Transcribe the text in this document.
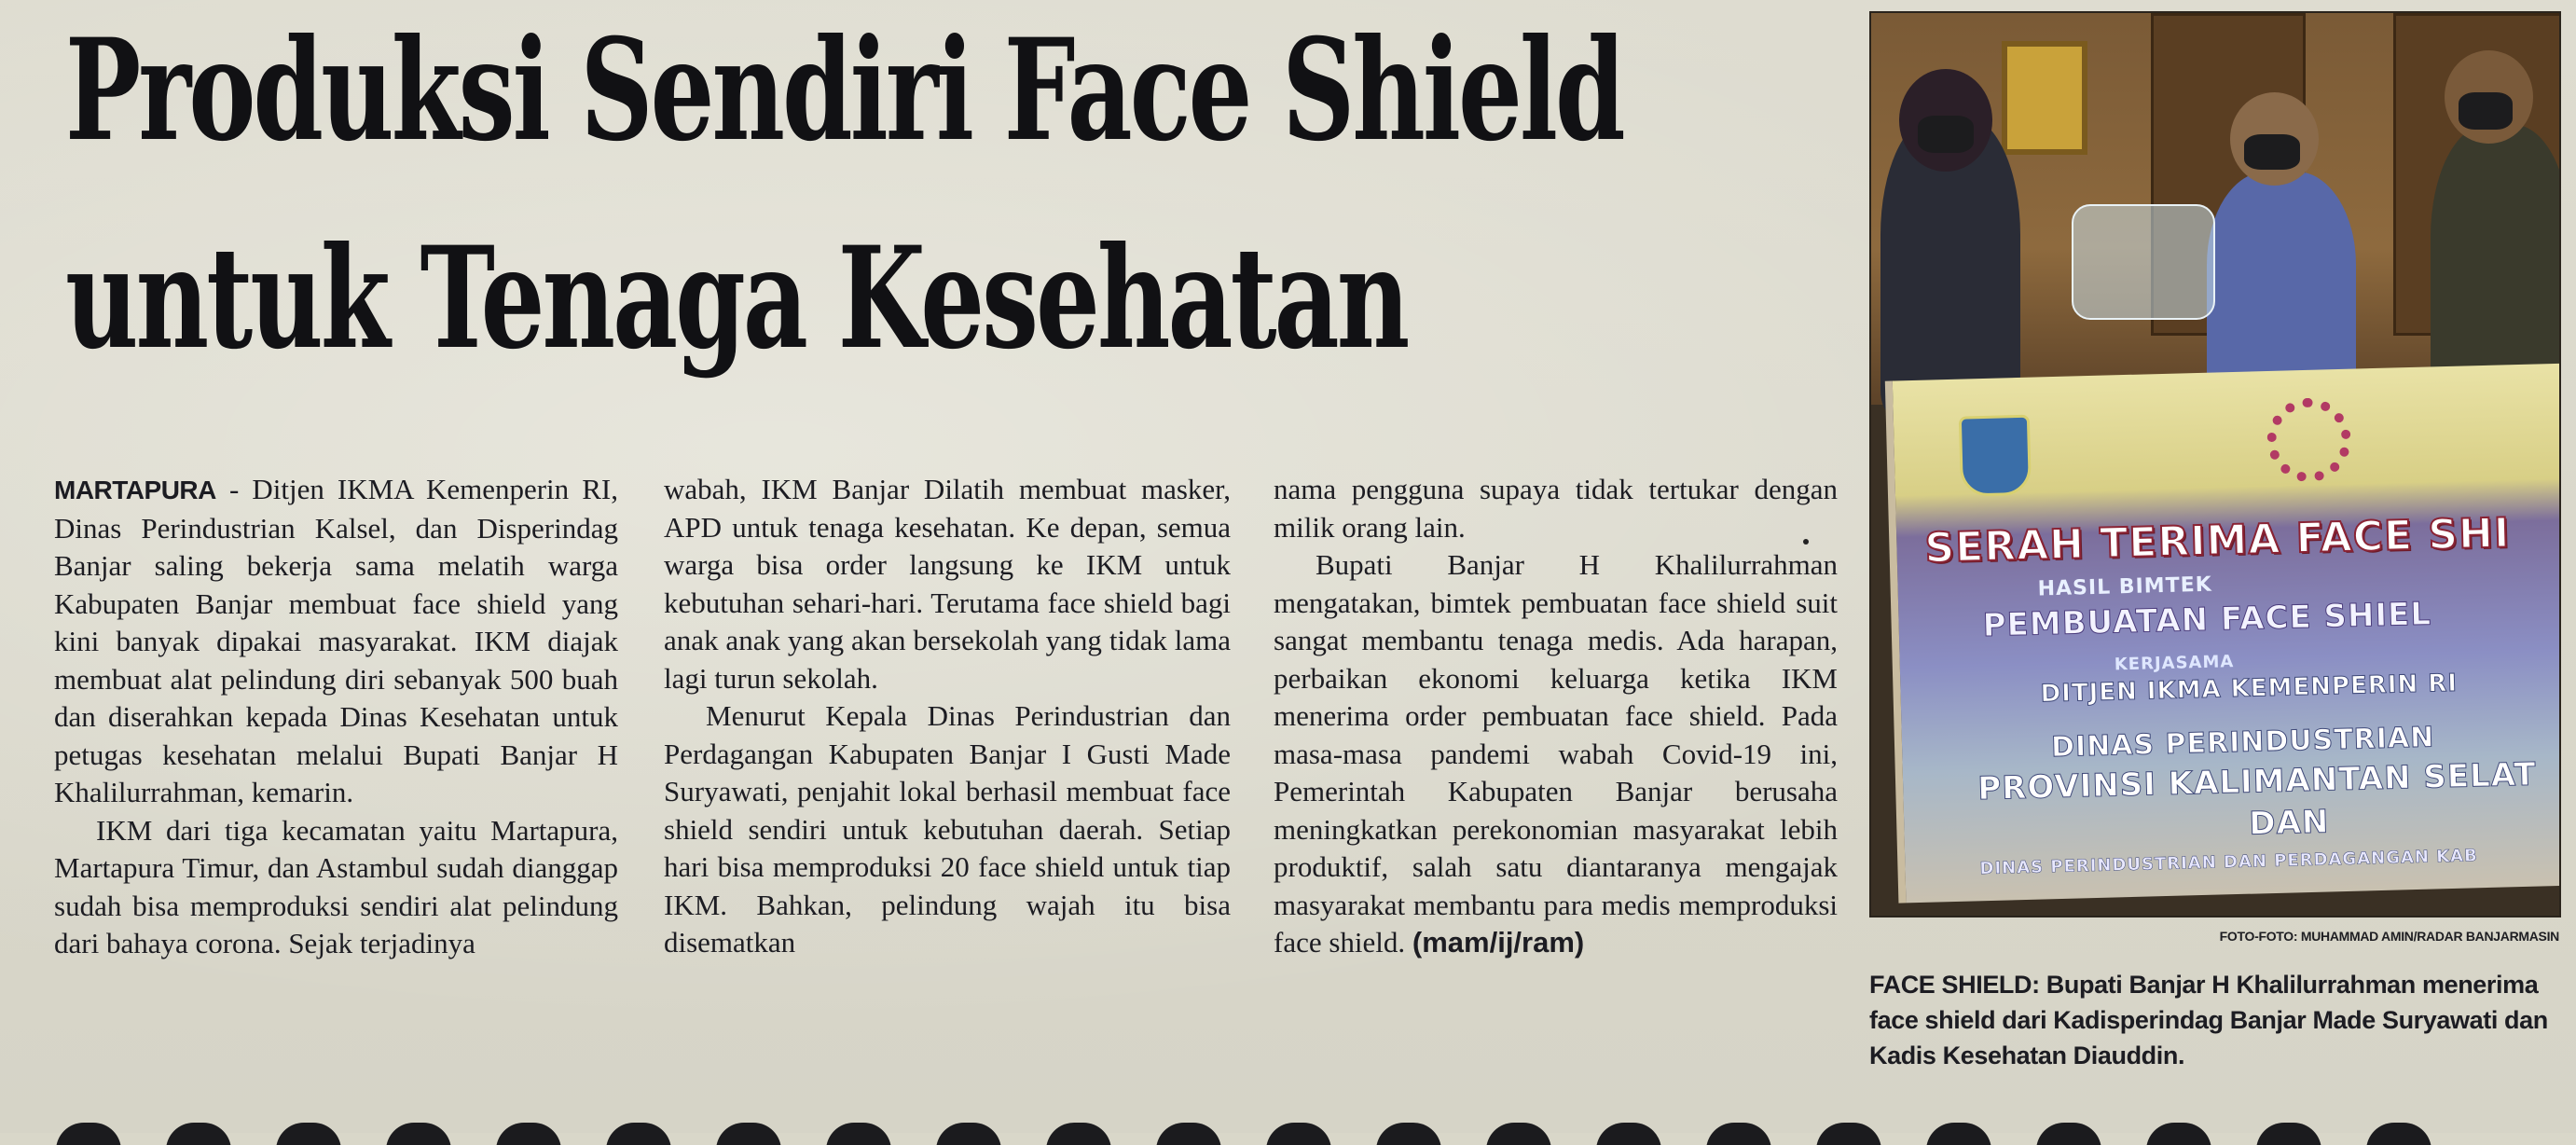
Produksi Sendiri Face Shield
untuk Tenaga Kesehatan

MARTAPURA - Ditjen IKMA Kemenperin RI, Dinas Perindustrian Kalsel, dan Disperindag Banjar saling bekerja sama melatih warga Kabupaten Banjar membuat face shield yang kini banyak dipakai masyarakat. IKM diajak membuat alat pelindung diri sebanyak 500 buah dan diserahkan kepada Dinas Kesehatan untuk petugas kesehatan melalui Bupati Banjar H Khalilurrahman, kemarin.

IKM dari tiga kecamatan yaitu Martapura, Martapura Timur, dan Astambul sudah dianggap sudah bisa memproduksi sendiri alat pelindung dari bahaya corona. Sejak terjadinya

wabah, IKM Banjar Dilatih membuat masker, APD untuk tenaga kesehatan. Ke depan, semua warga bisa order langsung ke IKM untuk kebutuhan sehari-hari. Terutama face shield bagi anak anak yang akan bersekolah yang tidak lama lagi turun sekolah.

Menurut Kepala Dinas Perindustrian dan Perdagangan Kabupaten Banjar I Gusti Made Suryawati, penjahit lokal berhasil membuat face shield sendiri untuk kebutuhan daerah. Setiap hari bisa memproduksi 20 face shield untuk tiap IKM. Bahkan, pelindung wajah itu bisa disematkan

nama pengguna supaya tidak tertukar dengan milik orang lain.

Bupati Banjar H Khalilurrahman mengatakan, bimtek pembuatan face shield suit sangat membantu tenaga medis. Ada harapan, perbaikan ekonomi keluarga ketika IKM menerima order pembuatan face shield. Pada masa-masa pandemi wabah Covid-19 ini, Pemerintah Kabupaten Banjar berusaha meningkatkan perekonomian masyarakat lebih produktif, salah satu diantaranya mengajak masyarakat membantu para medis memproduksi face shield. (mam/ij/ram)

SERAH TERIMA FACE SHI
HASIL BIMTEK
PEMBUATAN FACE SHIEL
KERJASAMA
DITJEN IKMA KEMENPERIN RI
DINAS PERINDUSTRIAN
PROVINSI KALIMANTAN SELAT
DAN
DINAS PERINDUSTRIAN DAN PERDAGANGAN KAB
FOTO-FOTO: MUHAMMAD AMIN/RADAR BANJARMASIN
FACE SHIELD: Bupati Banjar H Khalilurrahman menerima face shield dari Kadisperindag Banjar Made Suryawati dan Kadis Kesehatan Diauddin.
